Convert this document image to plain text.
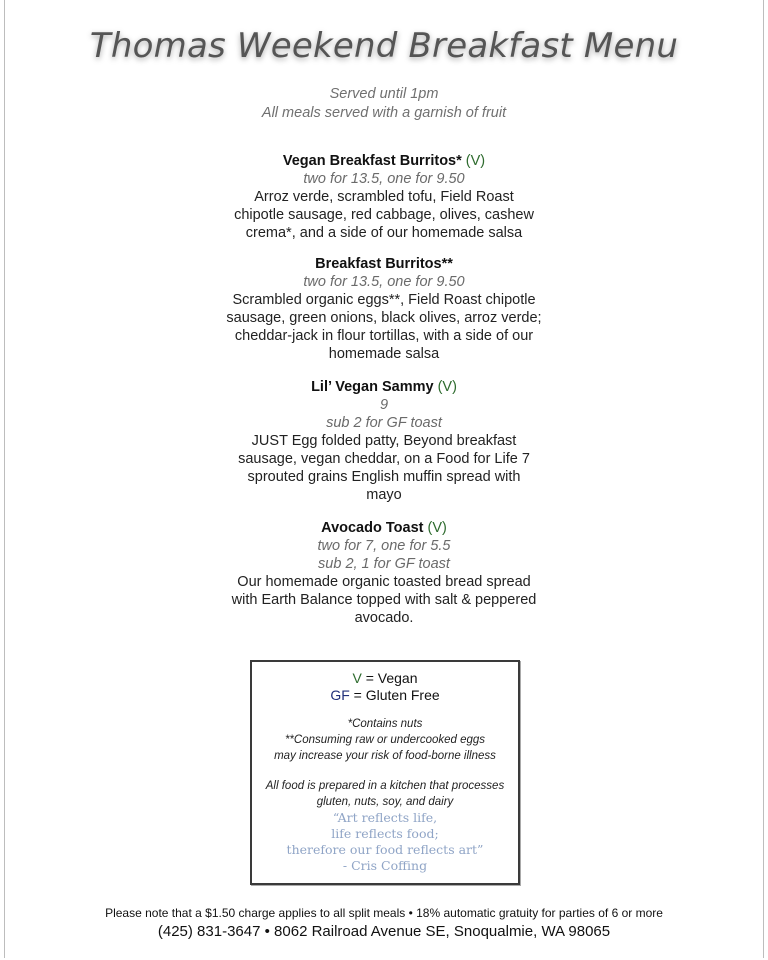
Thomas Weekend Breakfast Menu
Served until 1pm
All meals served with a garnish of fruit
Vegan Breakfast Burritos* (V)
two for 13.5, one for 9.50
Arroz verde, scrambled tofu, Field Roast
chipotle sausage, red cabbage, olives, cashew
crema*, and a side of our homemade salsa
Breakfast Burritos**
two for 13.5, one for 9.50
Scrambled organic eggs**, Field Roast chipotle
sausage, green onions, black olives, arroz verde;
cheddar-jack in flour tortillas, with a side of our
homemade salsa
Lil’ Vegan Sammy (V)
9
sub 2 for GF toast
JUST Egg folded patty, Beyond breakfast
sausage, vegan cheddar, on a Food for Life 7
sprouted grains English muffin spread with
mayo
Avocado Toast (V)
two for 7, one for 5.5
sub 2, 1 for GF toast
Our homemade organic toasted bread spread
with Earth Balance topped with salt & peppered
avocado.
V = Vegan
GF = Gluten Free
*Contains nuts
**Consuming raw or undercooked eggs
may increase your risk of food-borne illness
All food is prepared in a kitchen that processes
gluten, nuts, soy, and dairy
“Art reflects life,
life reflects food;
therefore our food reflects art”
- Cris Coffing
Please note that a $1.50 charge applies to all split meals • 18% automatic gratuity for parties of 6 or more
(425) 831-3647 • 8062 Railroad Avenue SE, Snoqualmie, WA 98065
